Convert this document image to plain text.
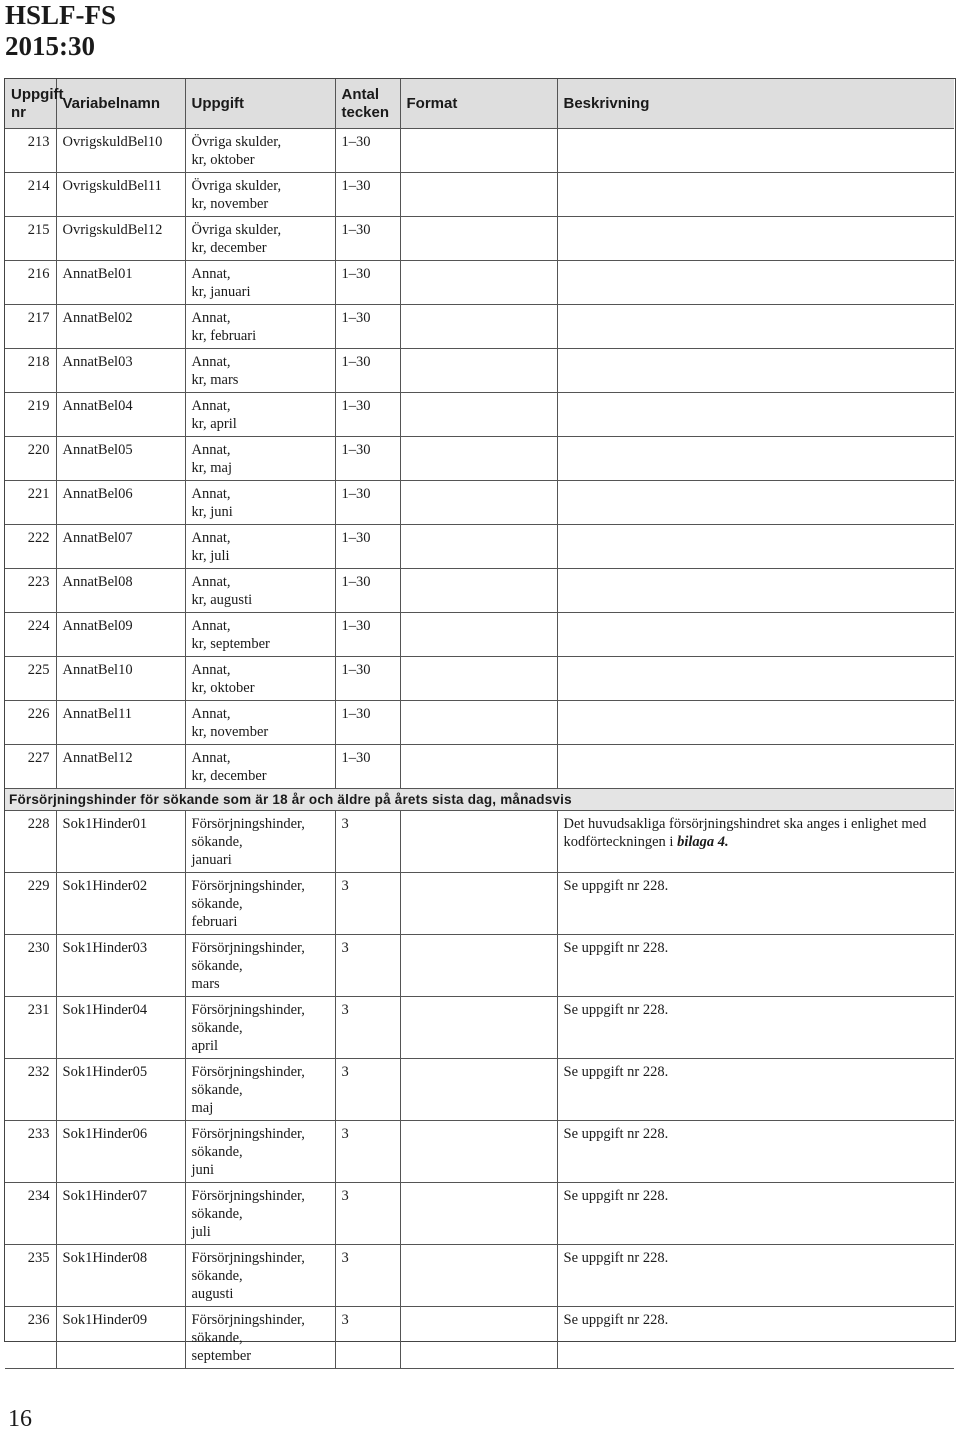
HSLF-FS
2015:30
Uppgift nr	Variabelnamn	Uppgift	Antal tecken	Format	Beskrivning
213	OvrigskuldBel10	Övriga skulder,
kr, oktober	1–30		
214	OvrigskuldBel11	Övriga skulder,
kr, november	1–30		
215	OvrigskuldBel12	Övriga skulder,
kr, december	1–30		
216	AnnatBel01	Annat,
kr, januari	1–30		
217	AnnatBel02	Annat,
kr, februari	1–30		
218	AnnatBel03	Annat,
kr, mars	1–30		
219	AnnatBel04	Annat,
kr, april	1–30		
220	AnnatBel05	Annat,
kr, maj	1–30		
221	AnnatBel06	Annat,
kr, juni	1–30		
222	AnnatBel07	Annat,
kr, juli	1–30		
223	AnnatBel08	Annat,
kr, augusti	1–30		
224	AnnatBel09	Annat,
kr, september	1–30		
225	AnnatBel10	Annat,
kr, oktober	1–30		
226	AnnatBel11	Annat,
kr, november	1–30		
227	AnnatBel12	Annat,
kr, december	1–30		
Försörjningshinder för sökande som är 18 år och äldre på årets sista dag, månadsvis					
228	Sok1Hinder01	Försörjningshinder,
sökande,
januari	3		Det huvudsakliga försörjningshindret ska anges i enlighet med kodförteckningen i bilaga 4.
229	Sok1Hinder02	Försörjningshinder,
sökande,
februari	3		Se uppgift nr 228.
230	Sok1Hinder03	Försörjningshinder,
sökande,
mars	3		Se uppgift nr 228.
231	Sok1Hinder04	Försörjningshinder,
sökande,
april	3		Se uppgift nr 228.
232	Sok1Hinder05	Försörjningshinder,
sökande,
maj	3		Se uppgift nr 228.
233	Sok1Hinder06	Försörjningshinder,
sökande,
juni	3		Se uppgift nr 228.
234	Sok1Hinder07	Försörjningshinder,
sökande,
juli	3		Se uppgift nr 228.
235	Sok1Hinder08	Försörjningshinder,
sökande,
augusti	3		Se uppgift nr 228.
236	Sok1Hinder09	Försörjningshinder,
sökande,
september	3		Se uppgift nr 228.
16
